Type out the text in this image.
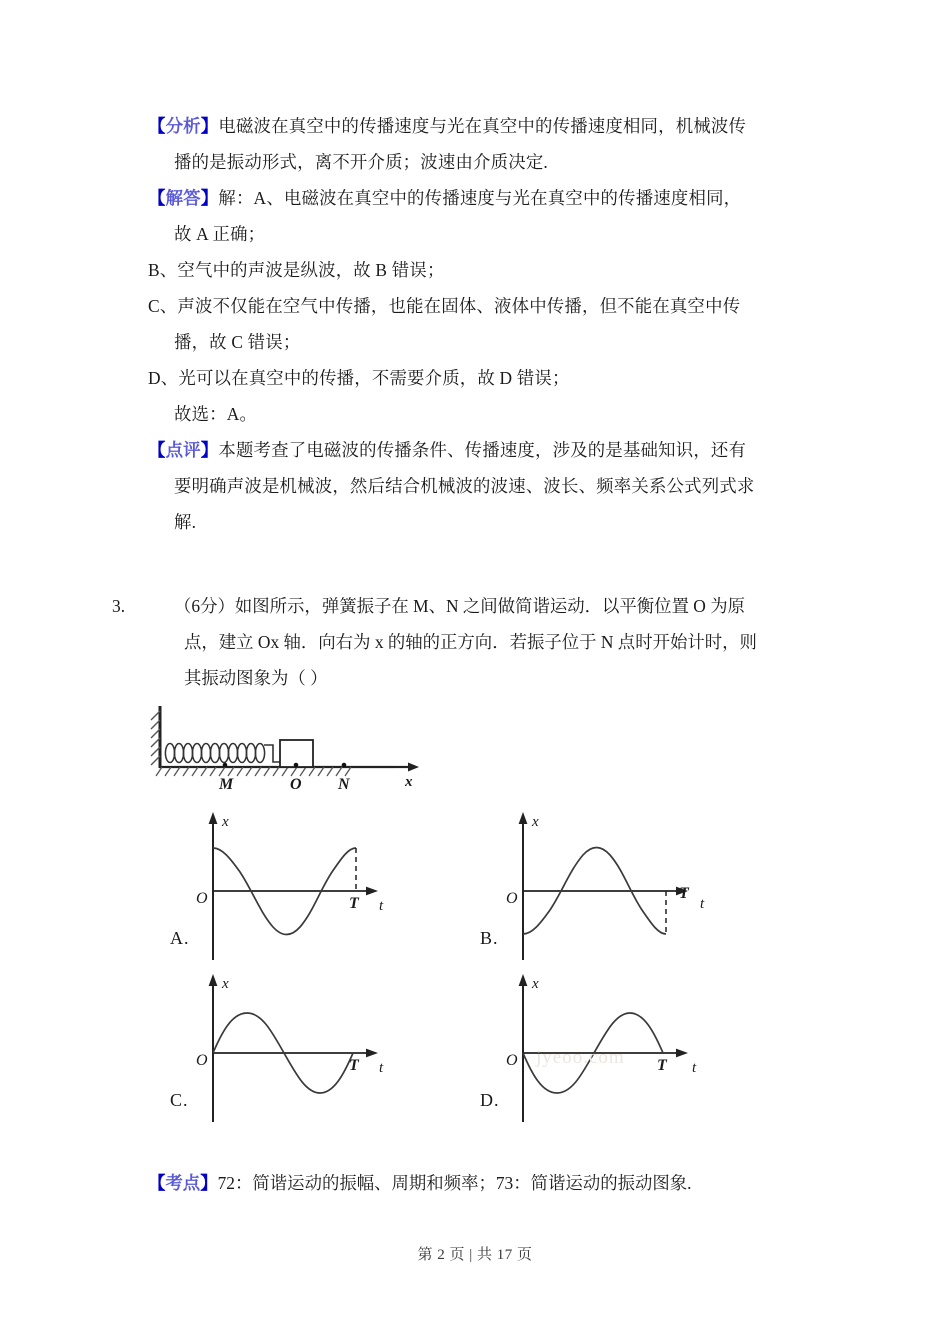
【分析】电磁波在真空中的传播速度与光在真空中的传播速度相同，机械波传

播的是振动形式，离不开介质；波速由介质决定.

【解答】解：A、电磁波在真空中的传播速度与光在真空中的传播速度相同，

故 A 正确；

B、空气中的声波是纵波，故 B 错误；

C、声波不仅能在空气中传播，也能在固体、液体中传播，但不能在真空中传

播，故 C 错误；

D、光可以在真空中的传播，不需要介质，故 D 错误；

故选：A。

【点评】本题考查了电磁波的传播条件、传播速度，涉及的是基础知识，还有

要明确声波是机械波，然后结合机械波的波速、波长、频率关系公式列式求

解.

3.	（6分）如图所示，弹簧振子在 M、N 之间做简谐运动．以平衡位置 O 为原

点，建立 Ox 轴．向右为 x 的轴的正方向．若振子位于 N 点时开始计时，则

其振动图象为（ ）

M	O N	x
O
x
T t
A.
O
x
T
t
B.
O
x
T t
C.
jyeoo.com
O
x
T t
D.
【考点】72：简谐运动的振幅、周期和频率；73：简谐运动的振动图象.
第 2 页 | 共 17 页
